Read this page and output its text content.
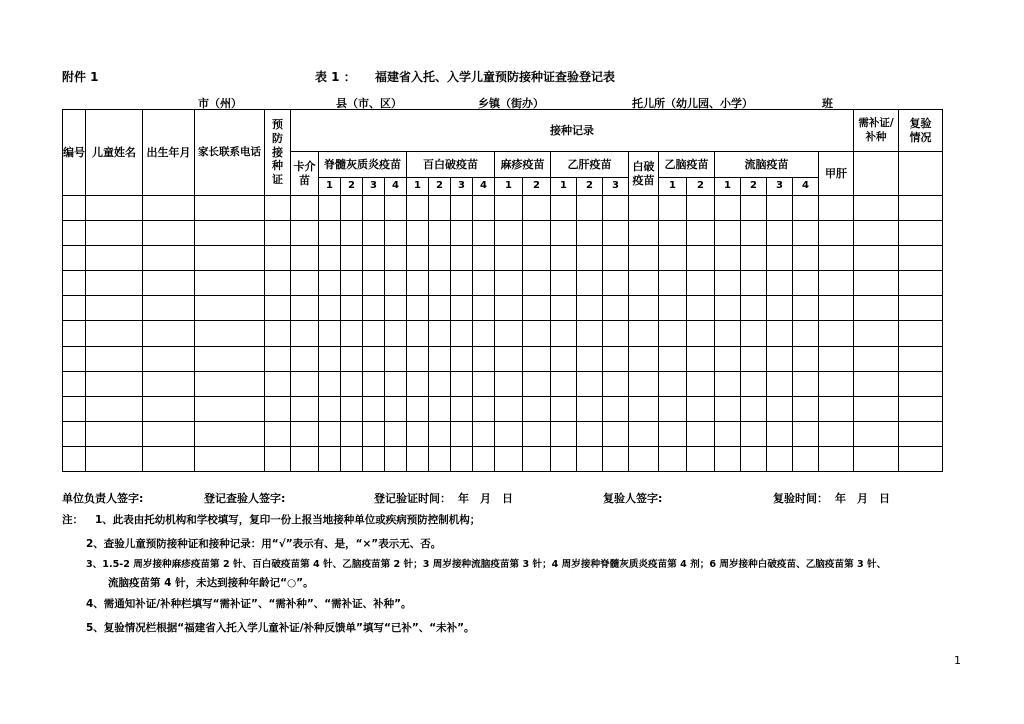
附件 1	表 1 ： 福建省入托、入学儿童预防接种证查验登记表
市（州）	县（市、区）	乡镇（街办）	托儿所（幼儿园、小学）	班
编号	儿童姓名	出生年月	家长联系电话	预防接种证	接种记录																						需补证/补种	复验情况
					卡介苗	脊髓灰质炎疫苗				百白破疫苗				麻疹疫苗		乙肝疫苗			白破疫苗	乙脑疫苗		流脑疫苗				甲肝		
						1	2	3	4	1	2	3	4	1	2	1	2	3		1	2	1	2	3	4			

单位负责人签字:	登记查验人签字:	登记验证时间： 年　月　日	复验人签字:	复验时间： 年　月　日
注： 1、此表由托幼机构和学校填写，复印一份上报当地接种单位或疾病预防控制机构；
2、查验儿童预防接种证和接种记录：用“√”表示有、是，“×”表示无、否。
3、1.5-2 周岁接种麻疹疫苗第 2 针、百白破疫苗第 4 针、乙脑疫苗第 2 针；3 周岁接种流脑疫苗第 3 针；4 周岁接种脊髓灰质炎疫苗第 4 剂；6 周岁接种白破疫苗、乙脑疫苗第 3 针、
流脑疫苗第 4 针，未达到接种年龄记“○”。
4、需通知补证/补种栏填写“需补证”、“需补种”、“需补证、补种”。
5、复验情况栏根据“福建省入托入学儿童补证/补种反馈单”填写“已补”、“未补”。
1
